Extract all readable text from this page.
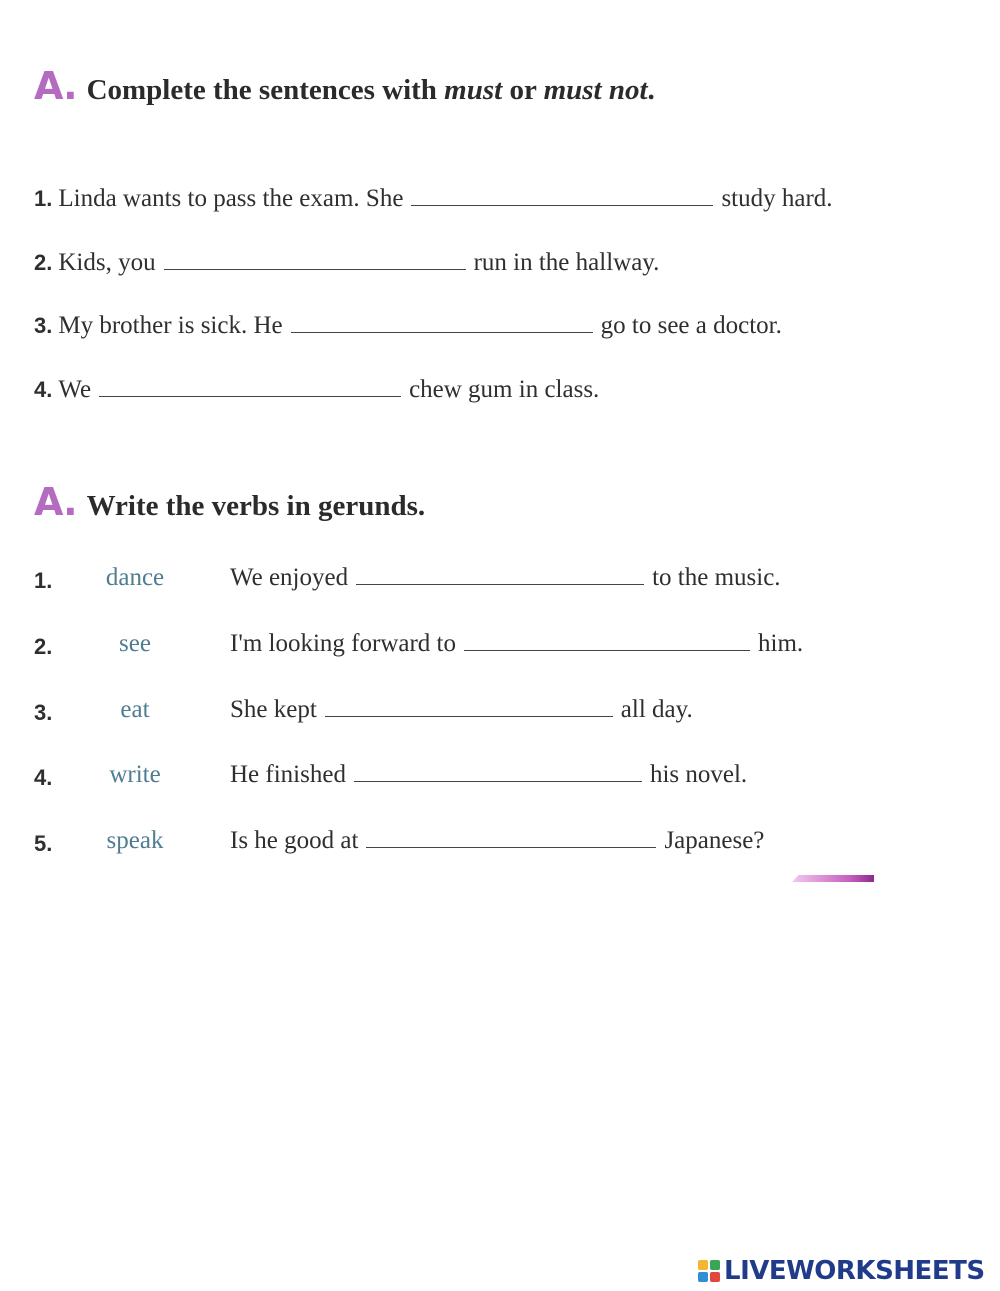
A. Complete the sentences with must or must not.
1. Linda wants to pass the exam. She	study hard.
2. Kids, you	run in the hallway.
3. My brother is sick. He	go to see a doctor.
4. We	chew gum in class.
A. Write the verbs in gerunds.
1.	dance	We enjoyed	to the music.
2.	see	I'm looking forward to	him.
3.	eat	She kept	all day.
4.	write	He finished	his novel.
5.	speak	Is he good at	Japanese?
LIVEWORKSHEETS
